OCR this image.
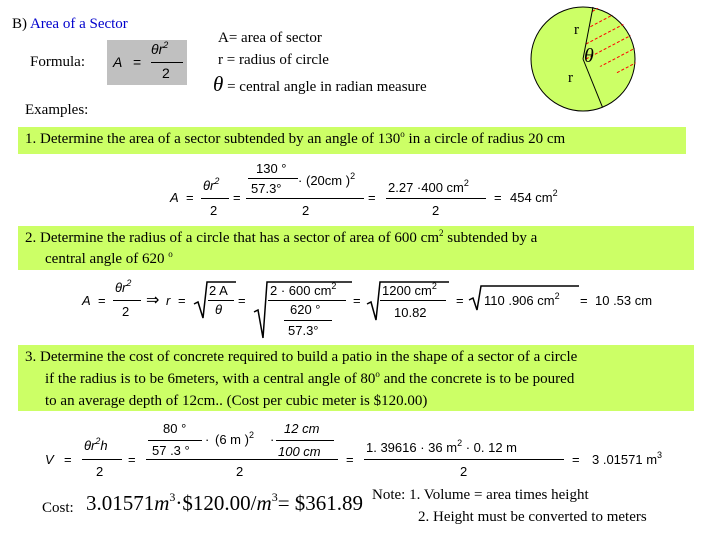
B) Area of a Sector
Formula: A =
$\theta r^2$
2
A= area of sector
r = radius of circle
θ = central angle in radian measure
r
r
θ
Examples:
1. Determine the area of a sector subtended by an angle of 130$^o$ in a circle of radius 20 cm
A =
$\theta r^2$
2
=
130 °
57.3°
· (20cm )$^2$
2
=
2.27 ·400 $cm^2$
2
= 454 $cm^2$
2. Determine the radius of a circle that has a sector of area of 600 $cm^2$ subtended by a
central angle of 620 $^o$
A =
$\theta r^2$
2
⇒ r =
2 A
θ
=
2 · 600 $cm^2$
620 °
57.3°
=
1200 $cm^2$
10.82
= 110 .906 $cm^2 = 10$ .53 cm
3. Determine the cost of concrete required to build a patio in the shape of a sector of a circle
if the radius is to be 6meters, with a central angle of 80$^o$ and the concrete is to be poured
to an average depth of 12cm.. (Cost per cubic meter is $120.00)
V =
$\theta r^2h$
2
=
80 °
57 .3 °
· (6 m )$^2$ ·
12 cm
100 cm
2
=
1. 39616 · 36 $m^2 \cdot 0$. 12 m
2
= 3 .01571 $m^3$
Cost: $3.01571m^3\cdot\$120.00/m^3=$ $361.89 Note: 1. Volume = area times height
2. Height must be converted to meters
